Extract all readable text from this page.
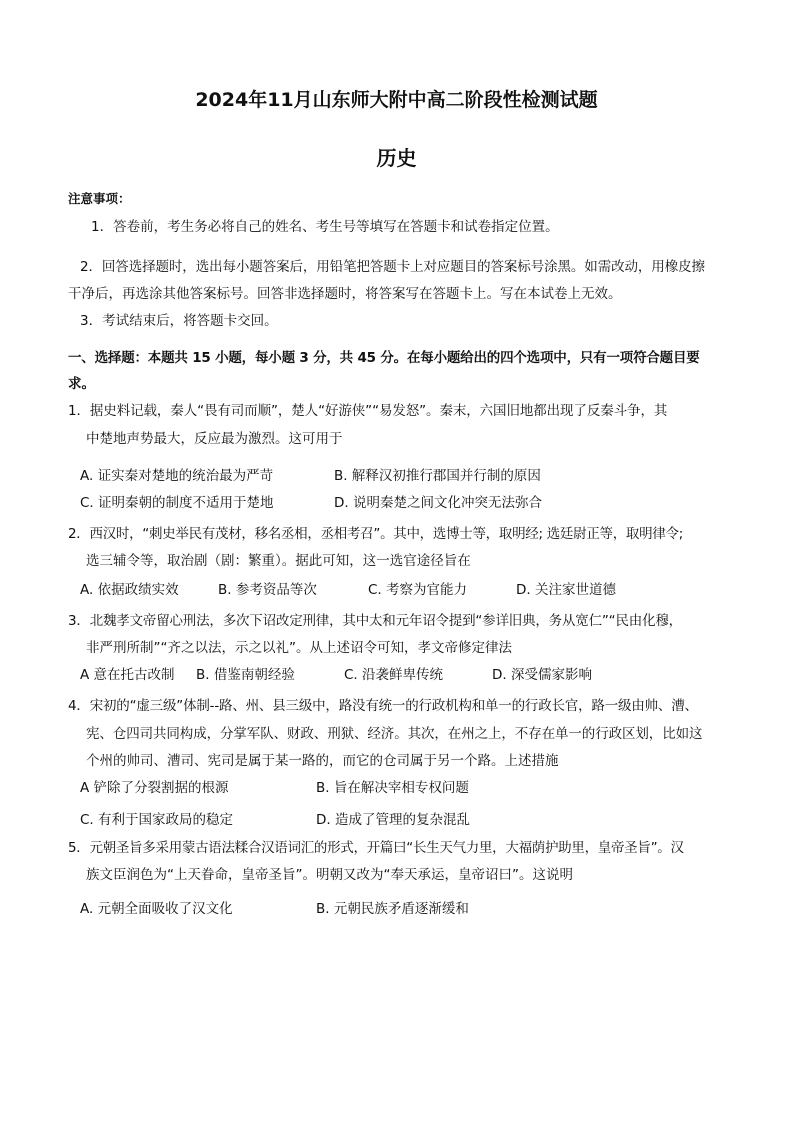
2024年11月山东师大附中高二阶段性检测试题
历史
注意事项：
1．答卷前，考生务必将自己的姓名、考生号等填写在答题卡和试卷指定位置。
2．回答选择题时，选出每小题答案后，用铅笔把答题卡上对应题目的答案标号涂黑。如需改动，用橡皮擦
干净后，再选涂其他答案标号。回答非选择题时，将答案写在答题卡上。写在本试卷上无效。
3．考试结束后，将答题卡交回。
一、选择题：本题共 15 小题，每小题 3 分，共 45 分。在每小题给出的四个选项中，只有一项符合题目要
求。
1．据史料记载，秦人“畏有司而顺”，楚人“好游侠”“易发怒”。秦末，六国旧地都出现了反秦斗争，其
中楚地声势最大，反应最为激烈。这可用于
A. 证实秦对楚地的统治最为严苛	B. 解释汉初推行郡国并行制的原因
C. 证明秦朝的制度不适用于楚地	D. 说明秦楚之间文化冲突无法弥合
2．西汉时，“刺史举民有茂材，移名丞相，丞相考召”。其中，选博士等，取明经; 选廷尉正等，取明律令;
选三辅令等，取治剧（剧：繁重）。据此可知，这一选官途径旨在
A. 依据政绩实效	B. 参考资品等次	C. 考察为官能力	D. 关注家世道德
3．北魏孝文帝留心刑法，多次下诏改定刑律，其中太和元年诏令提到“参详旧典，务从宽仁”“民由化穆，
非严刑所制”“齐之以法，示之以礼”。从上述诏令可知，孝文帝修定律法
A 意在托古改制 B. 借鉴南朝经验	C. 沿袭鲜卑传统	D. 深受儒家影响
4．宋初的“虚三级”体制--路、州、县三级中，路没有统一的行政机构和单一的行政长官，路一级由帅、漕、
宪、仓四司共同构成，分掌军队、财政、刑狱、经济。其次，在州之上，不存在单一的行政区划，比如这
个州的帅司、漕司、宪司是属于某一路的，而它的仓司属于另一个路。上述措施
A 铲除了分裂割据的根源	B. 旨在解决宰相专权问题
C. 有利于国家政局的稳定	D. 造成了管理的复杂混乱
5．元朝圣旨多采用蒙古语法糅合汉语词汇的形式，开篇曰“长生天气力里，大福荫护助里，皇帝圣旨”。汉
族文臣润色为“上天眷命，皇帝圣旨”。明朝又改为“奉天承运，皇帝诏曰”。这说明
A. 元朝全面吸收了汉文化	B. 元朝民族矛盾逐渐缓和
